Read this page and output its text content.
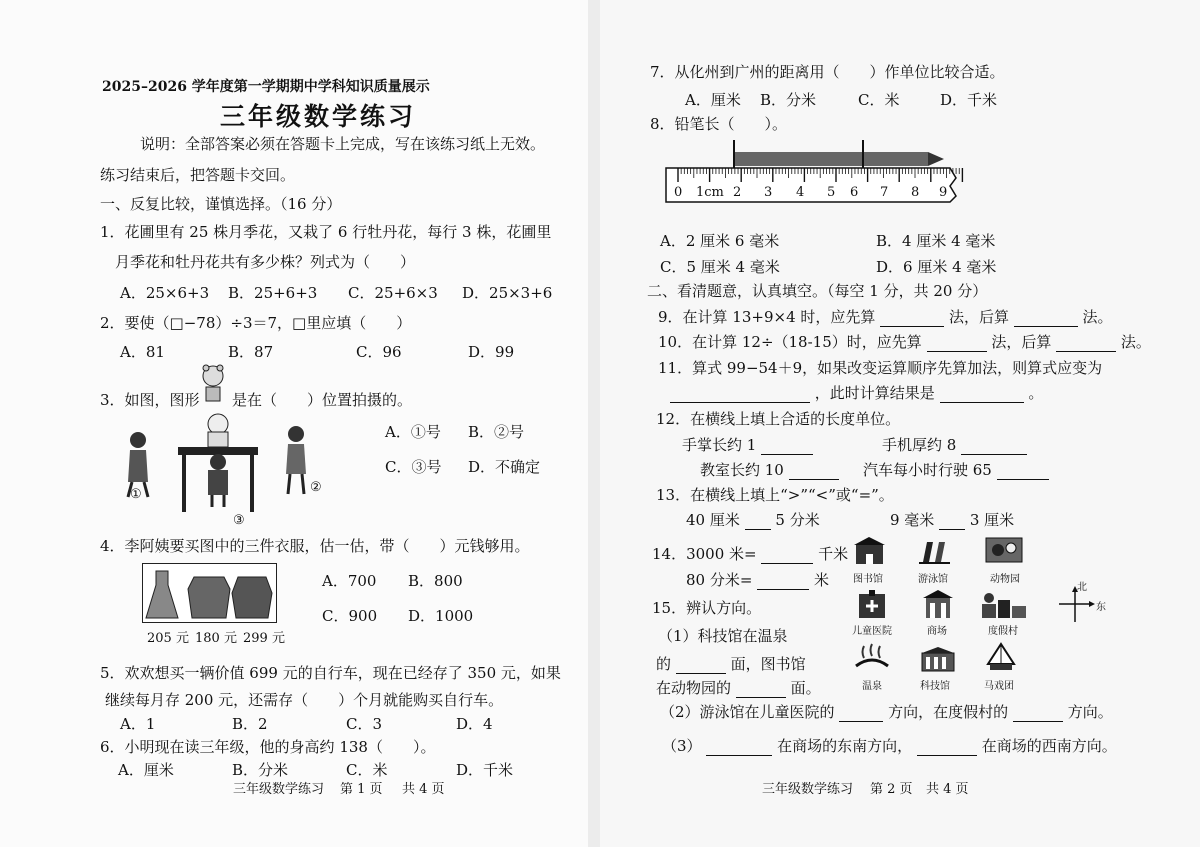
2025–2026 学年度第一学期期中学科知识质量展示
三年级数学练习
说明：全部答案必须在答题卡上完成，写在该练习纸上无效。
练习结束后，把答题卡交回。
一、反复比较，谨慎选择。（16 分）
1．花圃里有 25 株月季花，又栽了 6 行牡丹花，每行 3 株，花圃里
月季花和牡丹花共有多少株？列式为（　　）
A．25×6+3 B．25+6+3 C．25+6×3 D．25×3+6
2．要使（□−78）÷3＝7，□里应填（　　）
A．81	B．87	C．96	D．99
3．如图，图形 是在（　　）位置拍摄的。
①	②
③
A．①号 B．②号
C．③号 D．不确定
4．李阿姨要买图中的三件衣服，估一估，带（　　）元钱够用。
205 元 180 元 299 元
A．700 B．800
C．900 D．1000
5．欢欢想买一辆价值 699 元的自行车，现在已经存了 350 元，如果
继续每月存 200 元，还需存（　　）个月就能购买自行车。
A．1	B．2	C．3	D．4
6．小明现在读三年级，他的身高约 138（　　）。
A．厘米	B．分米	C．米	D．千米
三年级数学练习 第 1 页 共 4 页
7．从化州到广州的距离用（　　）作单位比较合适。
A．厘米 B．分米	C．米	D．千米
8．铅笔长（　　）。
0 1cm 2 3 4 5 6 7 8 9
A．2 厘米 6 毫米	B．4 厘米 4 毫米
C．5 厘米 4 毫米	D．6 厘米 4 毫米
二、看清题意，认真填空。（每空 1 分，共 20 分）
9．在计算 13+9×4 时，应先算	法，后算	法。
10．在计算 12÷（18-15）时，应先算	法，后算	法。
11．算式 99−54＋9，如果改变运算顺序先算加法，则算式应变为
，此时计算结果是	。
12．在横线上填上合适的长度单位。
手掌长约 1	手机厚约 8
教室长约 10	汽车每小时行驶 65
13．在横线上填上“>”“<”或“=”。
40 厘米 5 分米	9 毫米 3 厘米
14．3000 米=	千米
80 分米=	米
15．辨认方向。
（1）科技馆在温泉
的	面，图书馆
在动物园的	面。
（2）游泳馆在儿童医院的	方向，在度假村的	方向。
（3）	在商场的东南方向，	在商场的西南方向。
图书馆	游泳馆	动物园
儿童医院	商场	度假村
北
东
温泉	科技馆	马戏团
三年级数学练习 第 2 页 共 4 页
